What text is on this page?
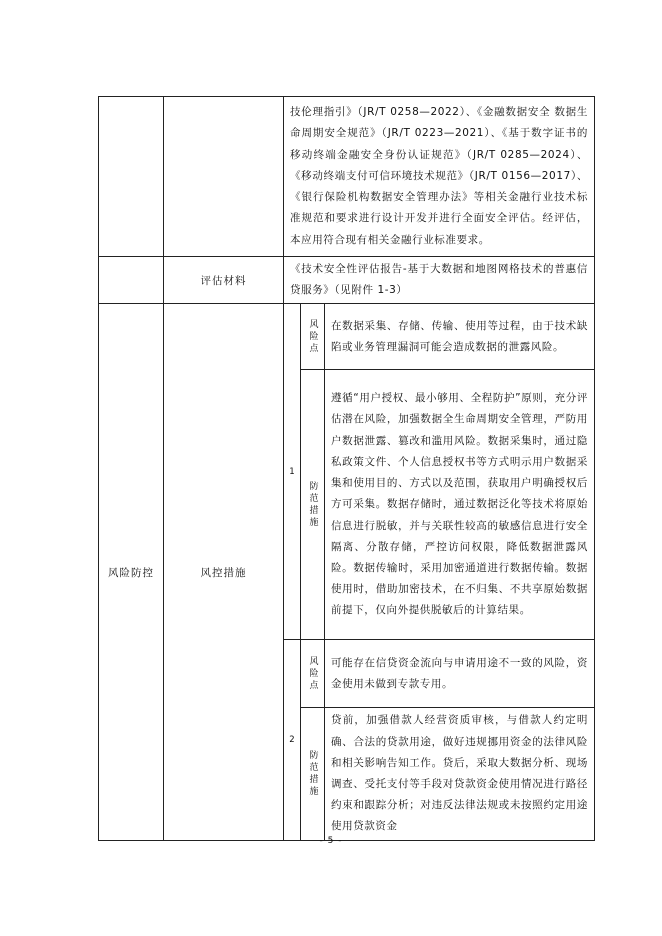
		技伦理指引》（JR/T 0258—2022）、《金融数据安全 数据生命周期安全规范》（JR/T 0223—2021）、《基于数字证书的移动终端金融安全身份认证规范》（JR/T 0285—2024）、《移动终端支付可信环境技术规范》（JR/T 0156—2017）、《银行保险机构数据安全管理办法》等相关金融行业技术标准规范和要求进行设计开发并进行全面安全评估。经评估，本应用符合现有相关金融行业标准要求。		
	评估材料	《技术安全性评估报告-基于大数据和地图网格技术的普惠信贷服务》（见附件 1-3）		
风险防控	风控措施	1	风险点	在数据采集、存储、传输、使用等过程，由于技术缺陷或业务管理漏洞可能会造成数据的泄露风险。

			防范措施	遵循“用户授权、最小够用、全程防护”原则，充分评估潜在风险，加强数据全生命周期安全管理，严防用户数据泄露、篡改和滥用风险。数据采集时，通过隐私政策文件、个人信息授权书等方式明示用户数据采集和使用目的、方式以及范围，获取用户明确授权后方可采集。数据存储时，通过数据泛化等技术将原始信息进行脱敏，并与关联性较高的敏感信息进行安全隔离、分散存储，严控访问权限，降低数据泄露风险。数据传输时，采用加密通道进行数据传输。数据使用时，借助加密技术，在不归集、不共享原始数据前提下，仅向外提供脱敏后的计算结果。
		2	风险点	可能存在信贷资金流向与申请用途不一致的风险，资金使用未做到专款专用。

			防范措施	贷前，加强借款人经营资质审核，与借款人约定明确、合法的贷款用途，做好违规挪用资金的法律风险和相关影响告知工作。贷后，采取大数据分析、现场调查、受托支付等手段对贷款资金使用情况进行路径约束和跟踪分析；对违反法律法规或未按照约定用途使用贷款资金
- 5 -
